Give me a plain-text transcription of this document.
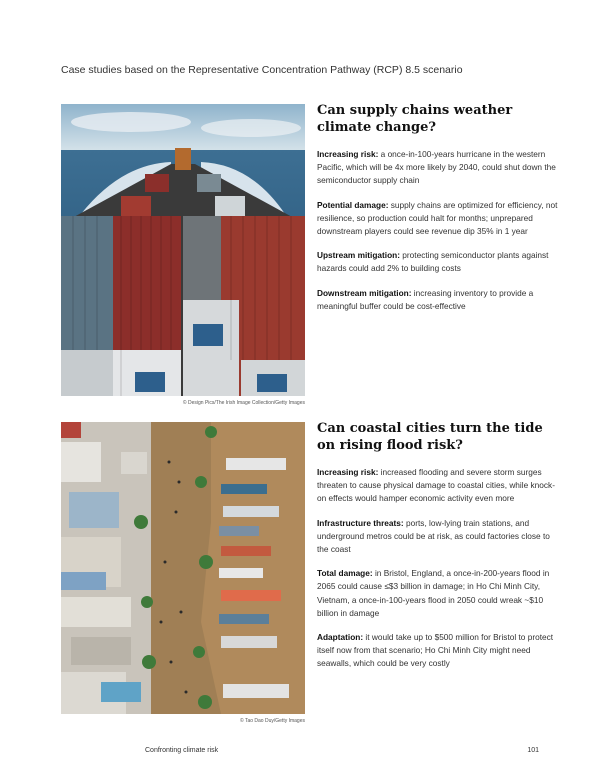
Case studies based on the Representative Concentration Pathway (RCP) 8.5 scenario
© Design Pics/The Irish Image Collection/Getty Images
Can supply chains weather climate change?

Increasing risk: a once-in-100-years hurricane in the western Pacific, which will be 4x more likely by 2040, could shut down the semiconductor supply chain

Potential damage: supply chains are optimized for efficiency, not resilience, so production could halt for months; unprepared downstream players could see revenue dip 35% in 1 year

Upstream mitigation: protecting semiconductor plants against hazards could add 2% to building costs

Downstream mitigation: increasing inventory to provide a meaningful buffer could be cost-effective

© Tao Dao Duy/Getty Images
Can coastal cities turn the tide
on rising flood risk?

Increasing risk: increased flooding and severe storm surges threaten to cause physical damage to coastal cities, while knock-on effects would hamper economic activity even more

Infrastructure threats: ports, low-lying train stations, and underground metros could be at risk, as could factories close to the coast

Total damage: in Bristol, England, a once-in-200-years flood in 2065 could cause ≤$3 billion in damage; in Ho Chi Minh City, Vietnam, a once-in-100-years flood in 2050 could wreak ~$10 billion in damage

Adaptation: it would take up to $500 million for Bristol to protect itself now from that scenario; Ho Chi Minh City might need seawalls, which could be very costly

Confronting climate risk	101
